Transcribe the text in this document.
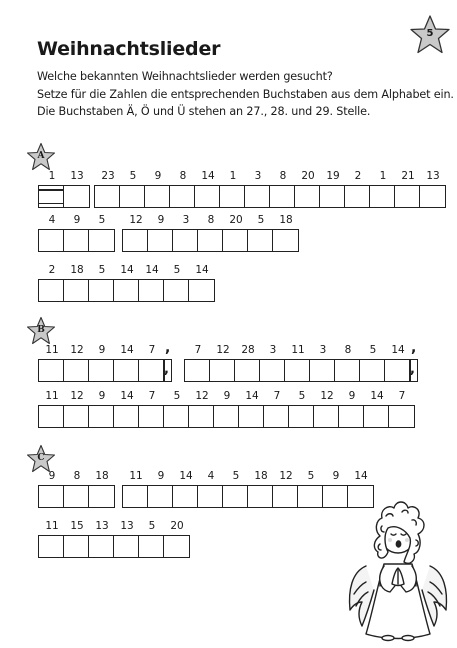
5
Weihnachtslieder

Welche bekannten Weihnachtslieder werden gesucht?
Setze für die Zahlen die entsprechenden Buchstaben aus dem Alphabet ein.
Die Buchstaben Ä, Ö und Ü stehen an 27., 28. und 29. Stelle.

A
B
C
1	13	23	5	9	8	14	1	3	8	20	19	2	1	21	13
4	9	5	12	9	3	8	20	5	18
2	18	5	14	14	5	14
11	12	9	14	7 ,	7	12	28	3	11	3	8	5	14 ,
,
,
11	12	9	14	7	5	12	9	14	7	5	12	9	14	7
9	8	18	11	9	14	4	5	18	12	5	9	14
11	15	13	13	5	20
